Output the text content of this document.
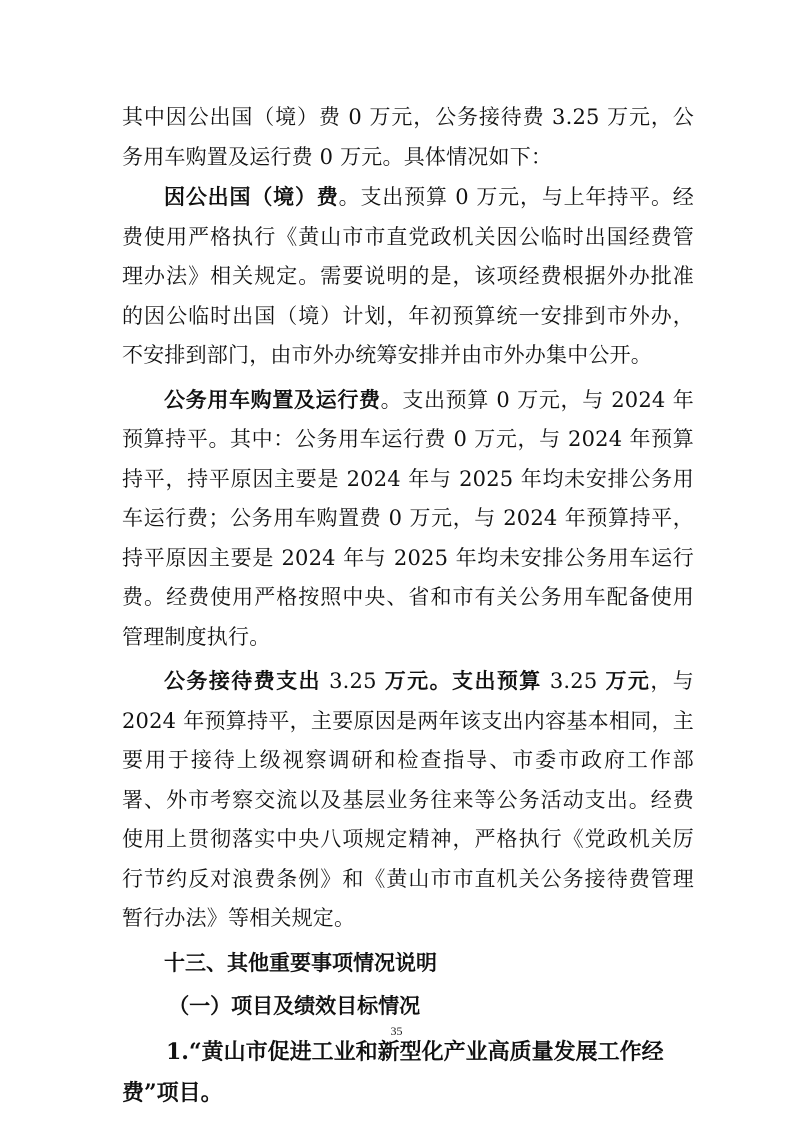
其中因公出国（境）费 0 万元，公务接待费 3.25 万元，公务用车购置及运行费 0 万元。具体情况如下：

因公出国（境）费。支出预算 0 万元，与上年持平。经费使用严格执行《黄山市市直党政机关因公临时出国经费管理办法》相关规定。需要说明的是，该项经费根据外办批准的因公临时出国（境）计划，年初预算统一安排到市外办，不安排到部门，由市外办统筹安排并由市外办集中公开。

公务用车购置及运行费。支出预算 0 万元，与 2024 年预算持平。其中：公务用车运行费 0 万元，与 2024 年预算持平，持平原因主要是 2024 年与 2025 年均未安排公务用车运行费；公务用车购置费 0 万元，与 2024 年预算持平，持平原因主要是 2024 年与 2025 年均未安排公务用车运行费。经费使用严格按照中央、省和市有关公务用车配备使用管理制度执行。

公务接待费支出 3.25 万元。支出预算 3.25 万元，与 2024 年预算持平，主要原因是两年该支出内容基本相同，主要用于接待上级视察调研和检查指导、市委市政府工作部署、外市考察交流以及基层业务往来等公务活动支出。经费使用上贯彻落实中央八项规定精神，严格执行《党政机关厉行节约反对浪费条例》和《黄山市市直机关公务接待费管理暂行办法》等相关规定。

十三、其他重要事项情况说明

（一）项目及绩效目标情况

1.“黄山市促进工业和新型化产业高质量发展工作经费”项目。

35
